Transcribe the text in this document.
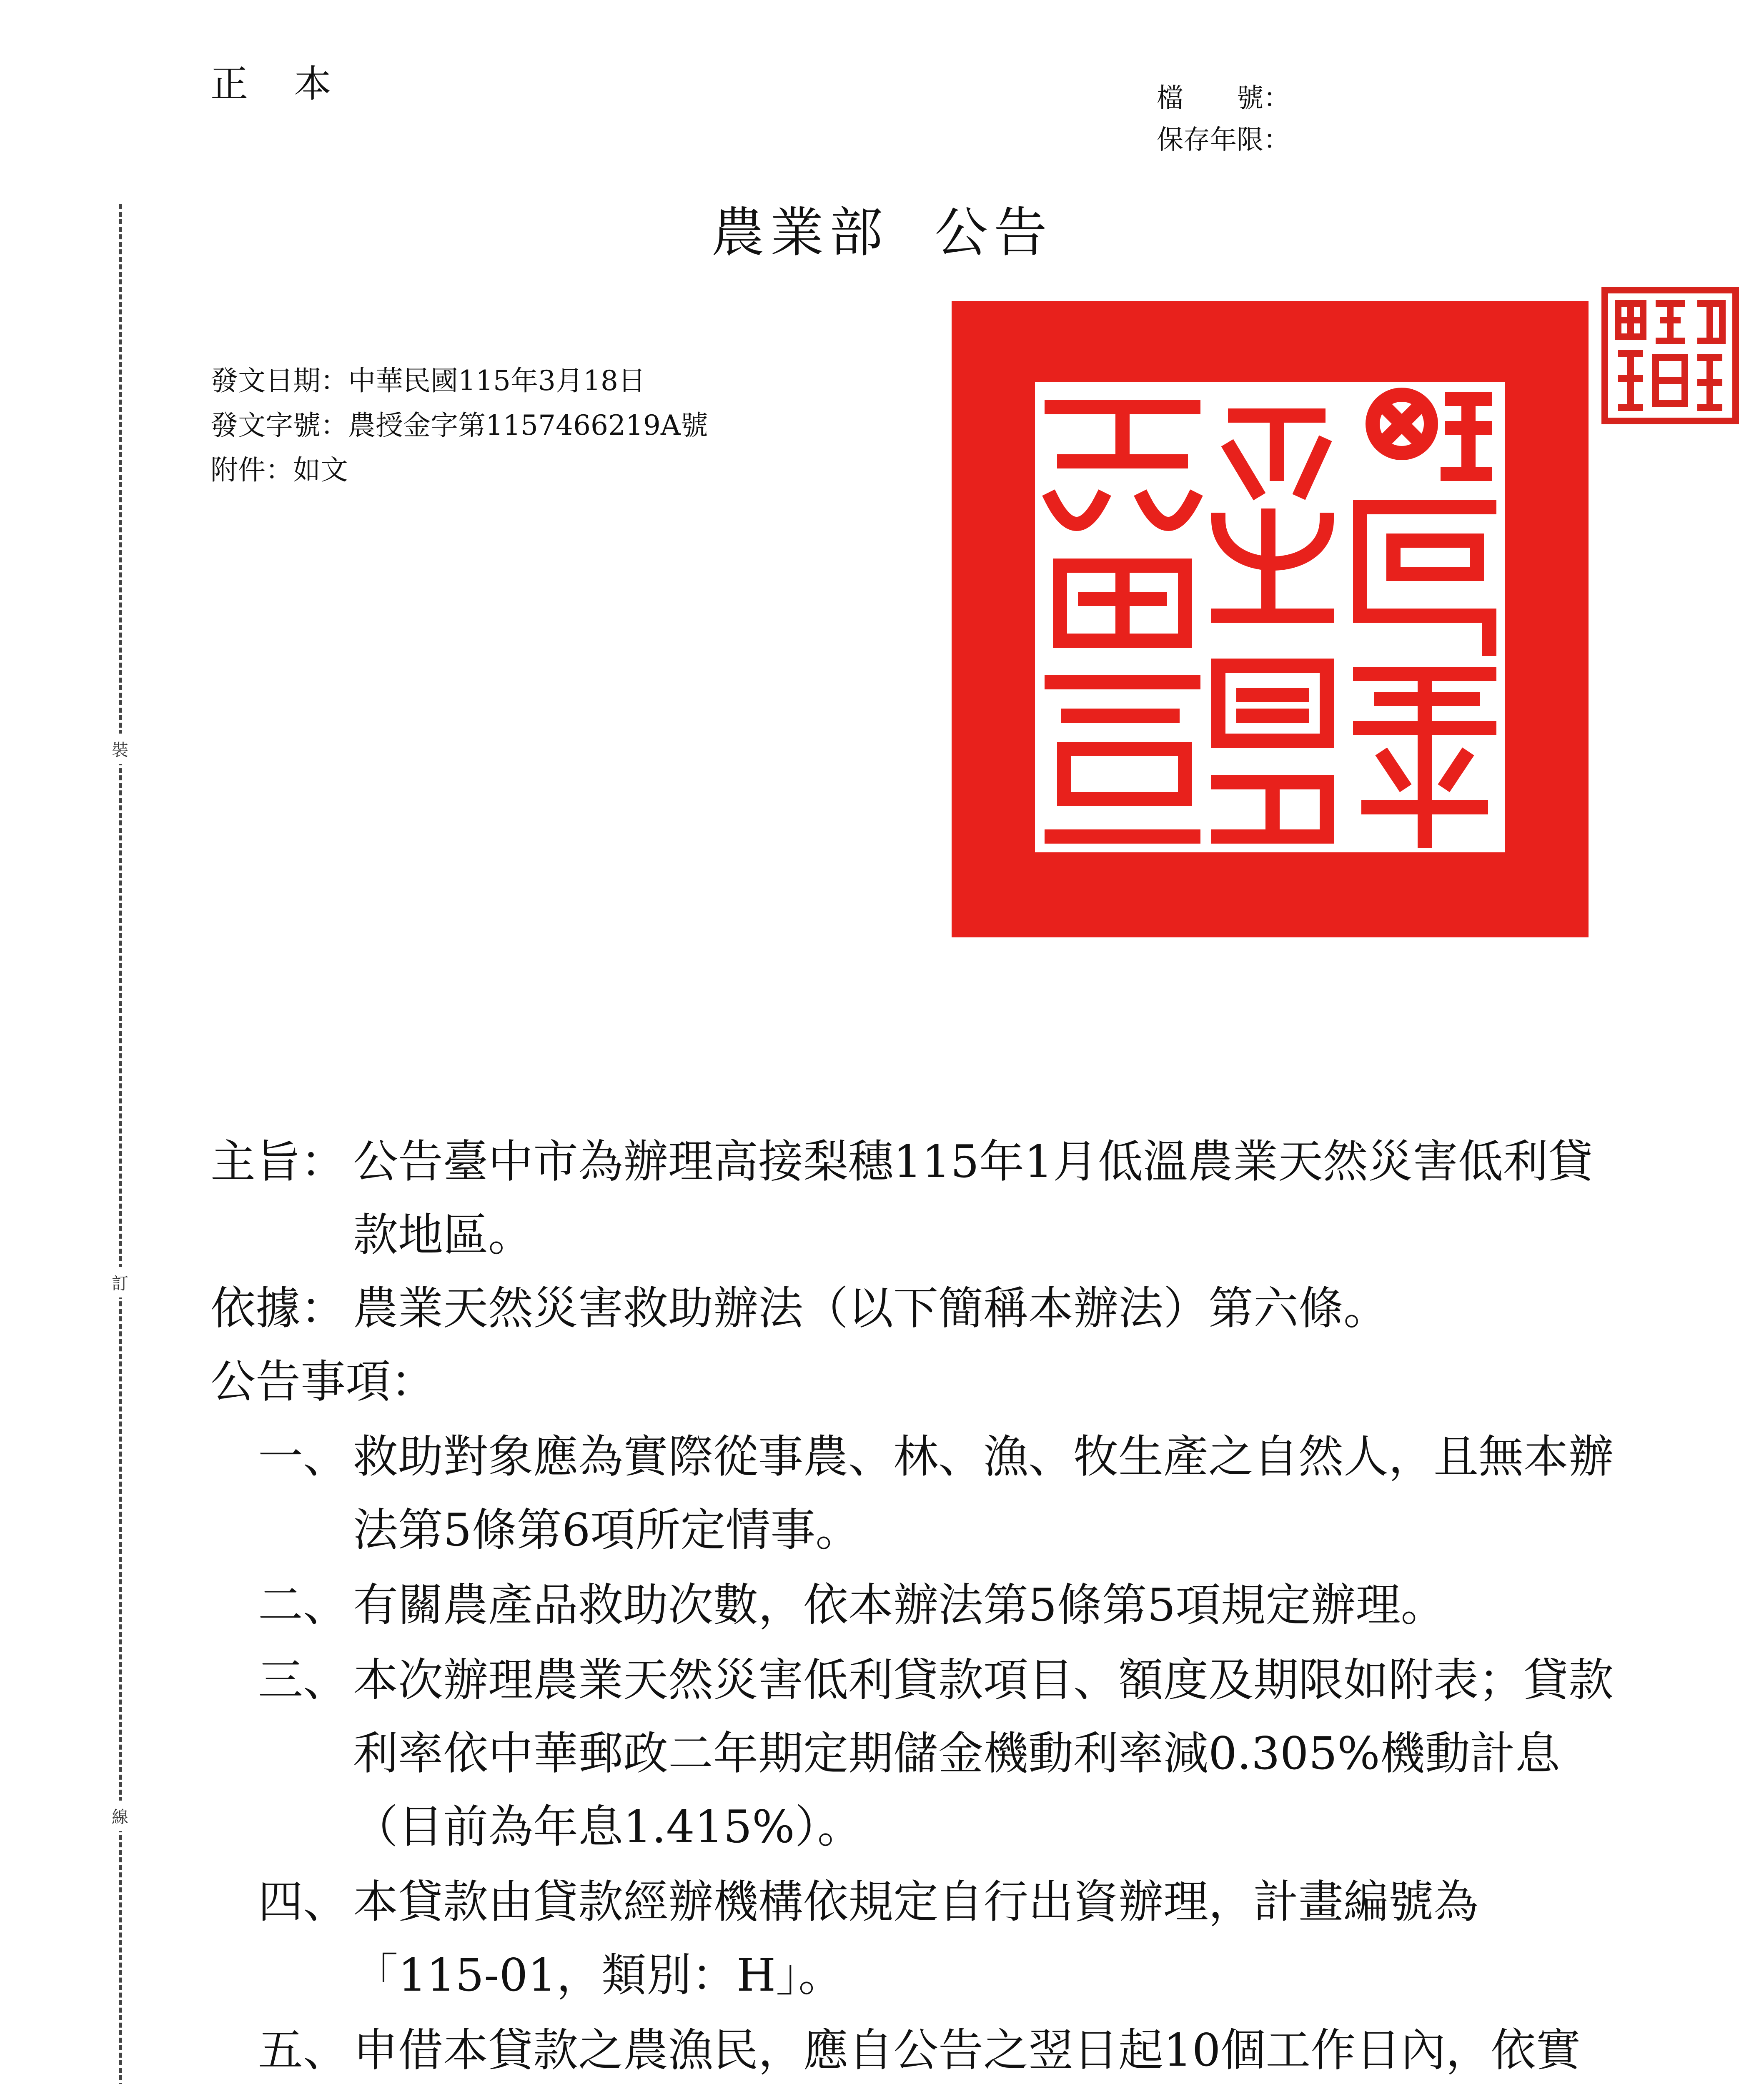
正本	檔　　號：
保存年限：
裝
訂
線
農業部 公告
發文日期：中華民國115年3月18日
發文字號：農授金字第1157466219A號
附件：如文
主旨： 公告臺中市為辦理高接梨穗115年1月低溫農業天然災害低利貸款地區。
依據： 農業天然災害救助辦法（以下簡稱本辦法）第六條。
公告事項：
一、 救助對象應為實際從事農、林、漁、牧生產之自然人，且無本辦法第5條第6項所定情事。
二、 有關農產品救助次數，依本辦法第5條第5項規定辦理。
三、 本次辦理農業天然災害低利貸款項目、額度及期限如附表；貸款利率依中華郵政二年期定期儲金機動利率減0.305%機動計息（目前為年息1.415%）。
四、 本貸款由貸款經辦機構依規定自行出資辦理，計畫編號為「115-01，類別：H」。
五、 申借本貸款之農漁民，應自公告之翌日起10個工作日內，依實
